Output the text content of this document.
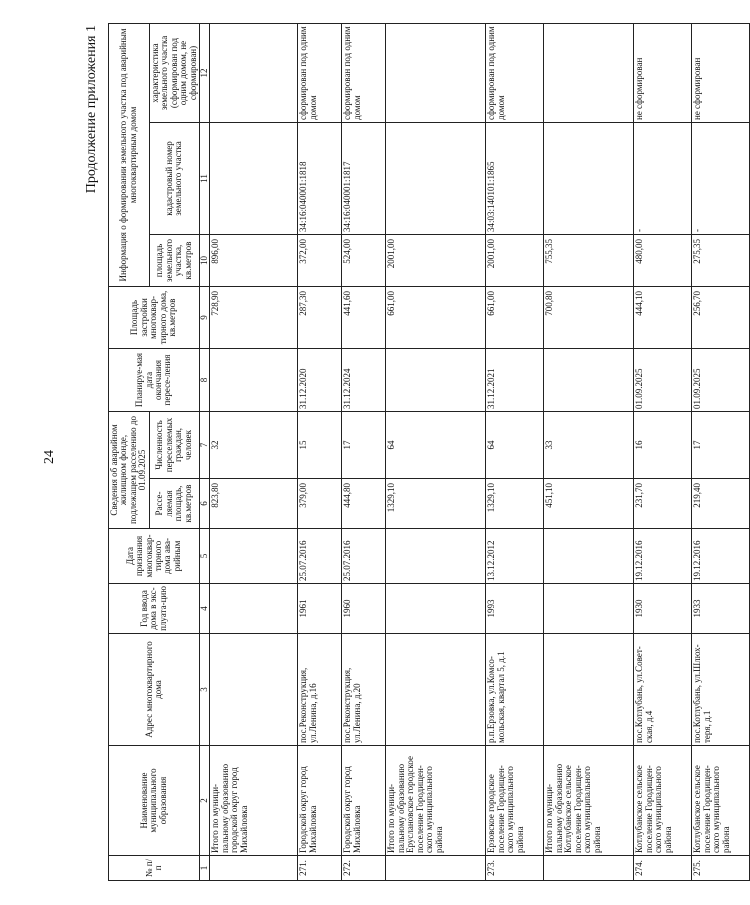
24
Продолжение приложения 1
№ п/п	Наименование муниципального образования	Адрес многоквартирного дома	Год ввода дома в экс-плуата-цию	Дата признания многоквар-тирного дома ава-рийным	Сведения об аварийном жилищном фонде, подлежащем расселению до 01.09.2025		Планируе-мая дата окончания пересе-ления	Площадь застройки многоквар-тирного дома, кв.метров	Информация о формировании земельного участка под аварийным многоквартирным домом		
					Рассе-ляемая площадь, кв.метров	Численность переселяемых граждан, человек			площадь земельного участка, кв.метров	кадастровый номер земельного участка	характеристика земельного участка (сформирован под одним домом, не сформирован)
1	2	3	4	5	6	7	8	9	10	11	12
	Итого по муници-пальному образованию городской округ город Михайловка				823,80	32		728,90	896,00		
271.	Городской округ город Михайловка	пос.Реконструкция, ул.Ленина, д.16	1961	25.07.2016	379,00	15	31.12.2020	287,30	372,00	34:16:040001:1818	сформирован под одним домом
272.	Городской округ город Михайловка	пос.Реконструкция, ул.Ленина, д.20	1960	25.07.2016	444,80	17	31.12.2024	441,60	524,00	34:16:040001:1817	сформирован под одним домом
	Итого по муници-пальному образованию Еруслановское городское поселение Городищен-ского муниципального района				1329,10	64		661,00	2001,00		
273.	Ерзовское городское поселение Городищен-ского муниципального района	р.п.Ерзовка, ул.Комсо-мольская, квартал 5, д.1	1993	13.12.2012	1329,10	64	31.12.2021	661,00	2001,00	34:03:140101:1865	сформирован под одним домом
	Итого по муници-пальному образованию Котлубанское сельское поселение Городищен-ского муниципального района				451,10	33		700,80	755,35		
274.	Котлубанское сельское поселение Городищен-ского муниципального района	пос.Котлубань, ул.Совет-ская, д.4	1930	19.12.2016	231,70	16	01.09.2025	444,10	480,00	-	не сформирован
275.	Котлубанское сельское поселение Городищен-ского муниципального района	пос.Котлубань, ул.Шлюх-теря, д.1	1933	19.12.2016	219,40	17	01.09.2025	256,70	275,35	-	не сформирован
